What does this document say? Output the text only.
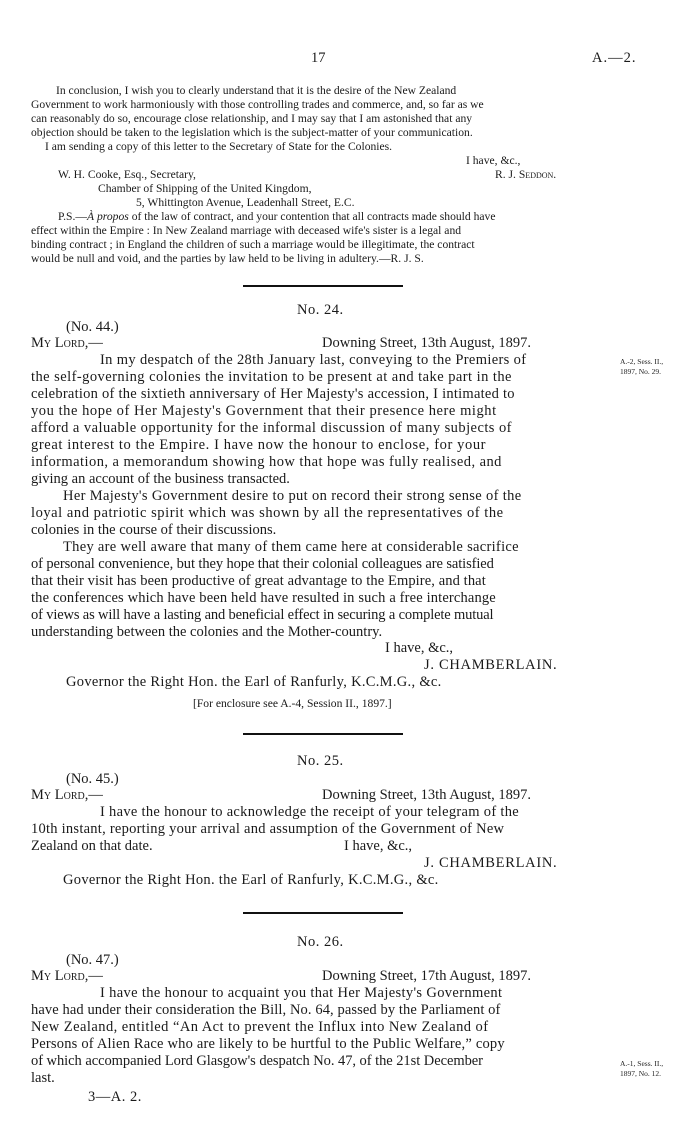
17	A.—2.
In conclusion, I wish you to clearly understand that it is the desire of the New Zealand
Government to work harmoniously with those controlling trades and commerce, and, so far as we
can reasonably do so, encourage close relationship, and I may say that I am astonished that any
objection should be taken to the legislation which is the subject-matter of your communication.
I am sending a copy of this letter to the Secretary of State for the Colonies.
I have, &c.,
R. J. Seddon.
W. H. Cooke, Esq., Secretary,
Chamber of Shipping of the United Kingdom,
5, Whittington Avenue, Leadenhall Street, E.C.
P.S.—À propos of the law of contract, and your contention that all contracts made should have
effect within the Empire : In New Zealand marriage with deceased wife's sister is a legal and
binding contract ; in England the children of such a marriage would be illegitimate, the contract
would be null and void, and the parties by law held to be living in adultery.—R. J. S.
No. 24.
(No. 44.)
My Lord,—	Downing Street, 13th August, 1897.
In my despatch of the 28th January last, conveying to the Premiers of
the self-governing colonies the invitation to be present at and take part in the
celebration of the sixtieth anniversary of Her Majesty's accession, I intimated to
you the hope of Her Majesty's Government that their presence here might
afford a valuable opportunity for the informal discussion of many subjects of
great interest to the Empire. I have now the honour to enclose, for your
information, a memorandum showing how that hope was fully realised, and
giving an account of the business transacted.
A.-2, Sess. II.,
1897, No. 29.
Her Majesty's Government desire to put on record their strong sense of the
loyal and patriotic spirit which was shown by all the representatives of the
colonies in the course of their discussions.
They are well aware that many of them came here at considerable sacrifice
of personal convenience, but they hope that their colonial colleagues are satisfied
that their visit has been productive of great advantage to the Empire, and that
the conferences which have been held have resulted in such a free interchange
of views as will have a lasting and beneficial effect in securing a complete mutual
understanding between the colonies and the Mother-country.
I have, &c.,
J. CHAMBERLAIN.
Governor the Right Hon. the Earl of Ranfurly, K.C.M.G., &c.
[For enclosure see A.-4, Session II., 1897.]
No. 25.
(No. 45.)
My Lord,—	Downing Street, 13th August, 1897.
I have the honour to acknowledge the receipt of your telegram of the
10th instant, reporting your arrival and assumption of the Government of New
Zealand on that date.	I have, &c.,
J. CHAMBERLAIN.
Governor the Right Hon. the Earl of Ranfurly, K.C.M.G., &c.
No. 26.
(No. 47.)
My Lord,—	Downing Street, 17th August, 1897.
I have the honour to acquaint you that Her Majesty's Government
have had under their consideration the Bill, No. 64, passed by the Parliament of
New Zealand, entitled “An Act to prevent the Influx into New Zealand of
Persons of Alien Race who are likely to be hurtful to the Public Welfare,” copy
of which accompanied Lord Glasgow's despatch No. 47, of the 21st December
last.
A.-1, Sess. II.,
1897, No. 12.
3—A. 2.
